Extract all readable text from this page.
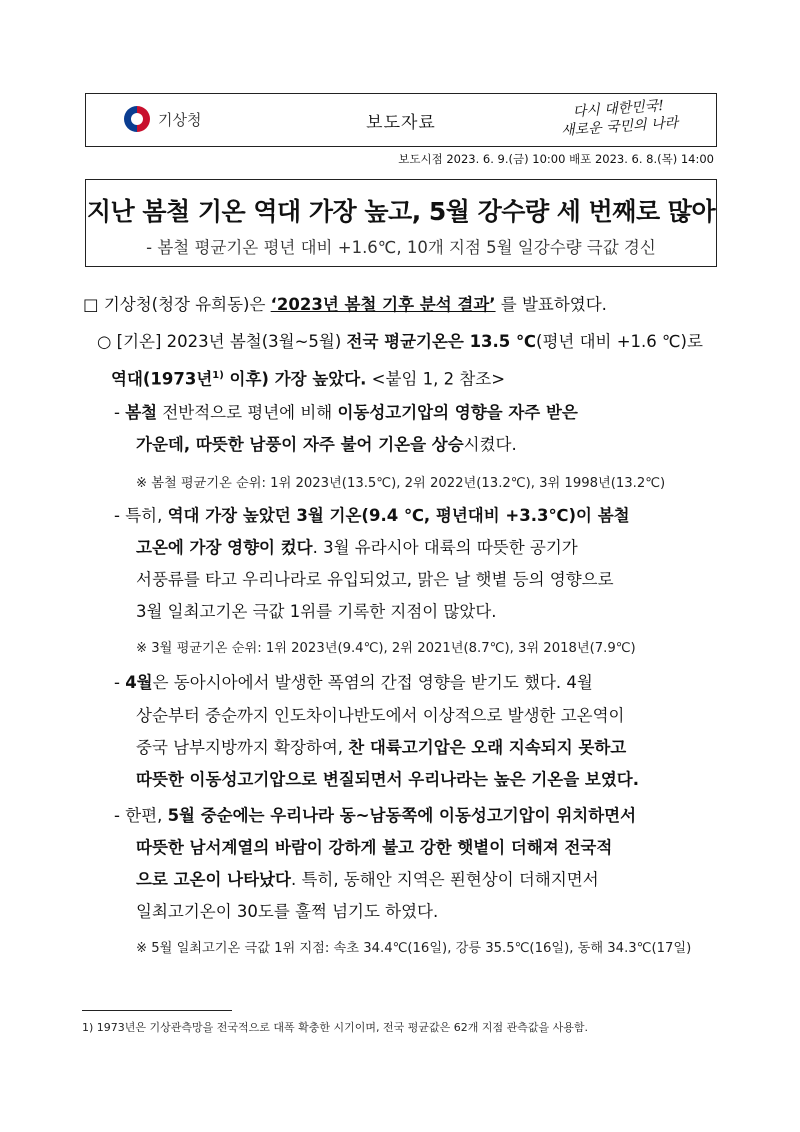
기상청	보도자료
다시 대한민국!
새로운 국민의 나라
보도시점 2023. 6. 9.(금) 10:00 배포 2023. 6. 8.(목) 14:00
지난 봄철 기온 역대 가장 높고, 5월 강수량 세 번째로 많아
- 봄철 평균기온 평년 대비 +1.6℃, 10개 지점 5월 일강수량 극값 경신
□ 기상청(청장 유희동)은 ‘2023년 봄철 기후 분석 결과’ 를 발표하였다.
○ [기온] 2023년 봄철(3월~5월) 전국 평균기온은 13.5 ℃(평년 대비 +1.6 ℃)로
역대(1973년$^{1)}$ 이후) 가장 높았다. <붙임 1, 2 참조>
- 봄철 전반적으로 평년에 비해 이동성고기압의 영향을 자주 받은
가운데, 따뜻한 남풍이 자주 불어 기온을 상승시켰다.
※ 봄철 평균기온 순위: 1위 2023년(13.5℃), 2위 2022년(13.2℃), 3위 1998년(13.2℃)
- 특히, 역대 가장 높았던 3월 기온(9.4 ℃, 평년대비 +3.3℃)이 봄철
고온에 가장 영향이 컸다. 3월 유라시아 대륙의 따뜻한 공기가
서풍류를 타고 우리나라로 유입되었고, 맑은 날 햇볕 등의 영향으로
3월 일최고기온 극값 1위를 기록한 지점이 많았다.
※ 3월 평균기온 순위: 1위 2023년(9.4℃), 2위 2021년(8.7℃), 3위 2018년(7.9℃)
- 4월은 동아시아에서 발생한 폭염의 간접 영향을 받기도 했다. 4월
상순부터 중순까지 인도차이나반도에서 이상적으로 발생한 고온역이
중국 남부지방까지 확장하여, 찬 대륙고기압은 오래 지속되지 못하고
따뜻한 이동성고기압으로 변질되면서 우리나라는 높은 기온을 보였다.
- 한편, 5월 중순에는 우리나라 동~남동쪽에 이동성고기압이 위치하면서
따뜻한 남서계열의 바람이 강하게 불고 강한 햇볕이 더해져 전국적
으로 고온이 나타났다. 특히, 동해안 지역은 푄현상이 더해지면서
일최고기온이 30도를 훌쩍 넘기도 하였다.
※ 5월 일최고기온 극값 1위 지점: 속초 34.4℃(16일), 강릉 35.5℃(16일), 동해 34.3℃(17일)
1) 1973년은 기상관측망을 전국적으로 대폭 확충한 시기이며, 전국 평균값은 62개 지점 관측값을 사용함.
